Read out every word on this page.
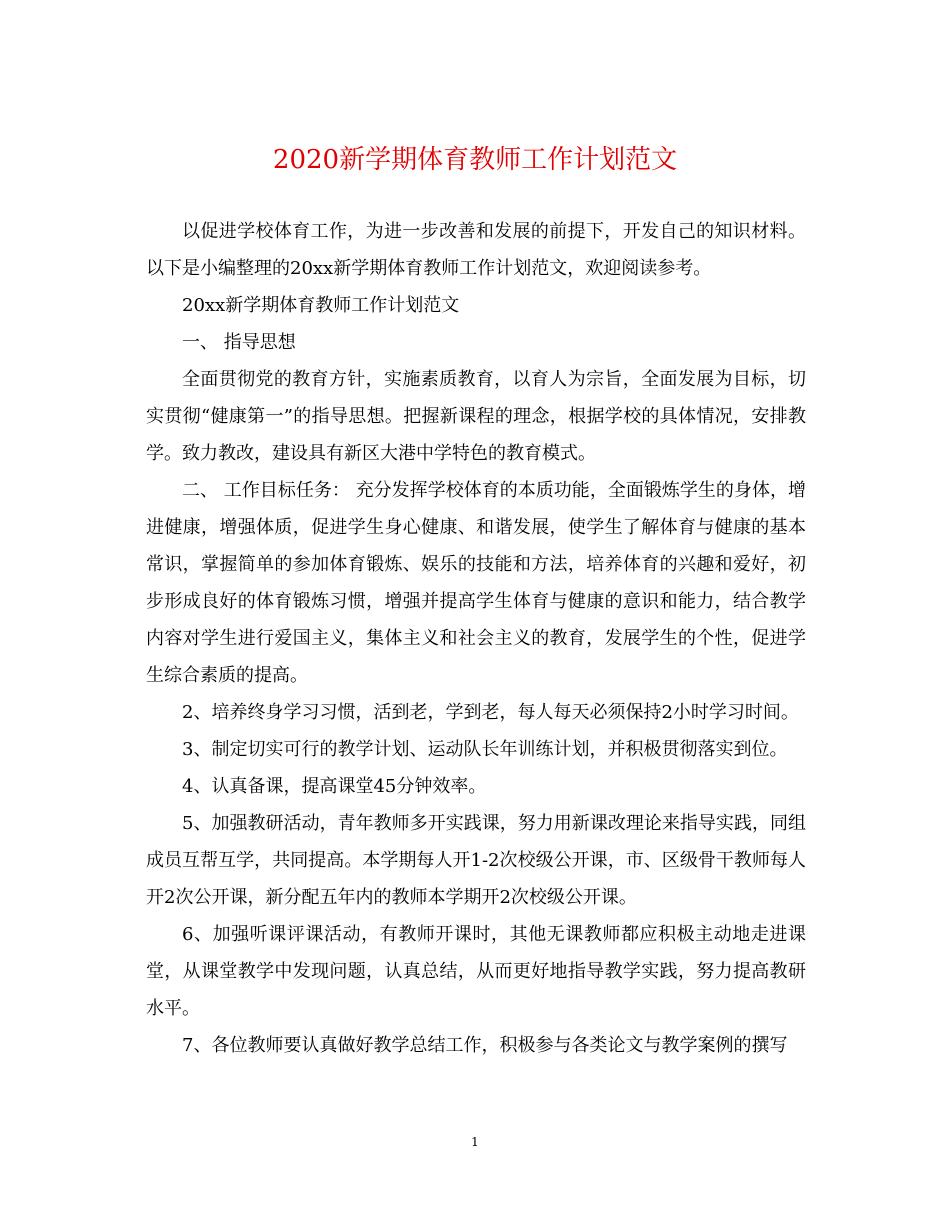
2020新学期体育教师工作计划范文

以促进学校体育工作，为进一步改善和发展的前提下，开发自己的知识材料。以下是小编整理的20xx新学期体育教师工作计划范文，欢迎阅读参考。

20xx新学期体育教师工作计划范文

一、 指导思想

全面贯彻党的教育方针，实施素质教育，以育人为宗旨，全面发展为目标，切实贯彻“健康第一”的指导思想。把握新课程的理念，根据学校的具体情况，安排教学。致力教改，建设具有新区大港中学特色的教育模式。

二、 工作目标任务： 充分发挥学校体育的本质功能，全面锻炼学生的身体，增进健康，增强体质，促进学生身心健康、和谐发展，使学生了解体育与健康的基本常识，掌握简单的参加体育锻炼、娱乐的技能和方法，培养体育的兴趣和爱好，初步形成良好的体育锻炼习惯，增强并提高学生体育与健康的意识和能力，结合教学内容对学生进行爱国主义，集体主义和社会主义的教育，发展学生的个性，促进学生综合素质的提高。

2、培养终身学习习惯，活到老，学到老，每人每天必须保持2小时学习时间。

3、制定切实可行的教学计划、运动队长年训练计划，并积极贯彻落实到位。

4、认真备课，提高课堂45分钟效率。

5、加强教研活动，青年教师多开实践课，努力用新课改理论来指导实践，同组成员互帮互学，共同提高。本学期每人开1-2次校级公开课，市、区级骨干教师每人开2次公开课，新分配五年内的教师本学期开2次校级公开课。

6、加强听课评课活动，有教师开课时，其他无课教师都应积极主动地走进课堂，从课堂教学中发现问题，认真总结，从而更好地指导教学实践，努力提高教研水平。

7、各位教师要认真做好教学总结工作，积极参与各类论文与教学案例的撰写

1
